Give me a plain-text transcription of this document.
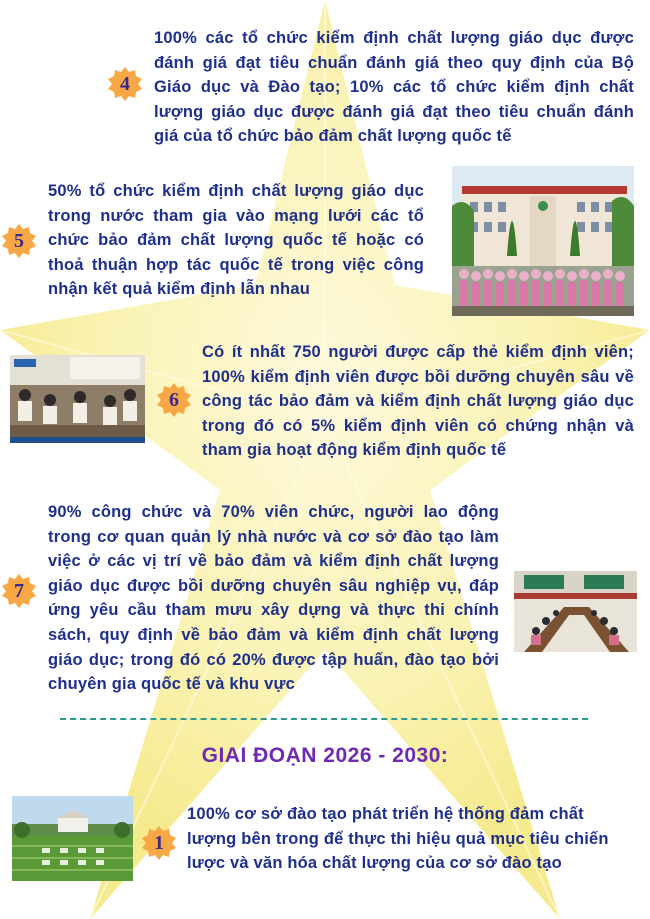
4
100% các tổ chức kiểm định chất lượng giáo dục được đánh giá đạt tiêu chuẩn đánh giá theo quy định của Bộ Giáo dục và Đào tạo; 10% các tổ chức kiểm định chất lượng giáo dục được đánh giá đạt theo tiêu chuẩn đánh giá của tổ chức bảo đảm chất lượng quốc tế
5
50% tổ chức kiểm định chất lượng giáo dục trong nước tham gia vào mạng lưới các tổ chức bảo đảm chất lượng quốc tế hoặc có thoả thuận hợp tác quốc tế trong việc công nhận kết quả kiểm định lẫn nhau
6
Có ít nhất 750 người được cấp thẻ kiểm định viên; 100% kiểm định viên được bồi dưỡng chuyên sâu về công tác bảo đảm và kiểm định chất lượng giáo dục trong đó có 5% kiểm định viên có chứng nhận và tham gia hoạt động kiểm định quốc tế
90% công chức và 70% viên chức, người lao động trong cơ quan quản lý nhà nước và cơ sở đào tạo làm việc ở các vị trí về bảo đảm và kiểm định chất lượng giáo dục được bồi dưỡng chuyên sâu nghiệp vụ, đáp ứng yêu cầu tham mưu xây dựng và thực thi chính sách, quy định về bảo đảm và kiểm định chất lượng giáo dục; trong đó có 20% được tập huấn, đào tạo bởi chuyên gia quốc tế và khu vực
7
GIAI ĐOẠN 2026 - 2030:
1
100% cơ sở đào tạo phát triển hệ thống đảm chất lượng bên trong để thực thi hiệu quả mục tiêu chiến lược và văn hóa chất lượng của cơ sở đào tạo
